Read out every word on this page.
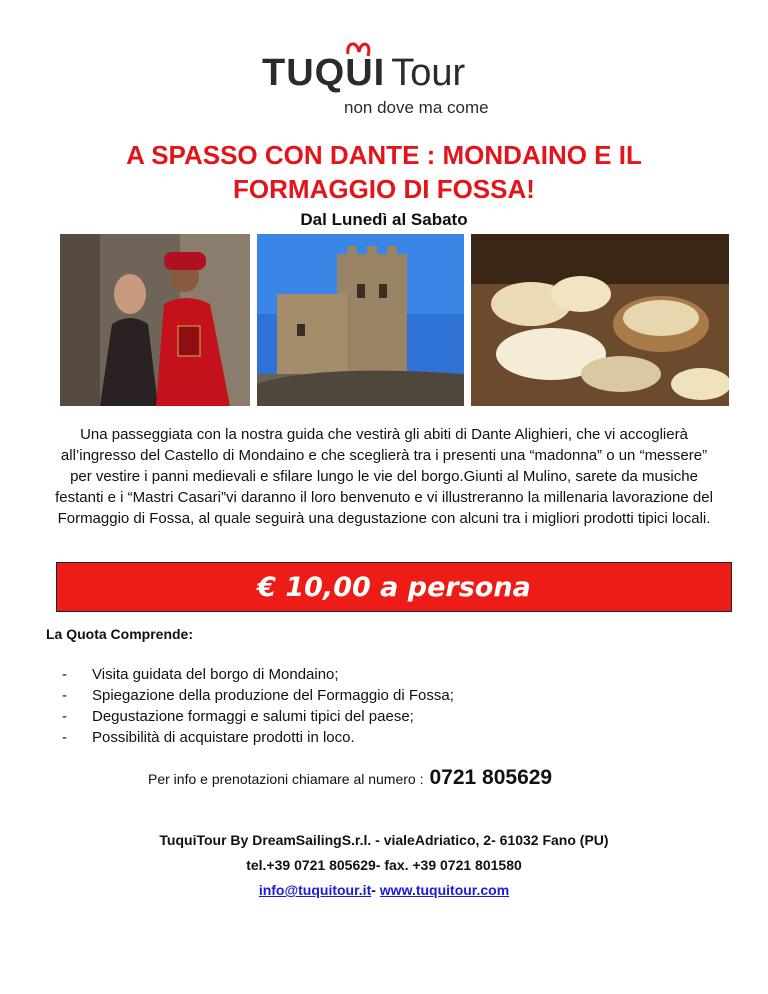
TUQUI Tour
non dove ma come
A SPASSO CON DANTE : MONDAINO E IL
FORMAGGIO DI FOSSA!
Dal Lunedì al Sabato
Una passeggiata con la nostra guida che vestirà gli abiti di Dante Alighieri, che vi accoglierà all’ingresso del Castello di Mondaino e che sceglierà tra i presenti una “madonna” o un “messere” per vestire i panni medievali e sfilare lungo le vie del borgo.Giunti al Mulino, sarete da musiche festanti e i “Mastri Casari”vi daranno il loro benvenuto e vi illustreranno la millenaria lavorazione del Formaggio di Fossa, al quale seguirà una degustazione con alcuni tra i migliori prodotti tipici locali.
€ 10,00 a persona
La Quota Comprende:
-	Visita guidata del borgo di Mondaino;
-	Spiegazione della produzione del Formaggio di Fossa;
-	Degustazione formaggi e salumi tipici del paese;
-	Possibilità di acquistare prodotti in loco.
Per info e prenotazioni chiamare al numero : 0721 805629
TuquiTour By DreamSailingS.r.l. - vialeAdriatico, 2- 61032 Fano (PU)
tel.+39 0721 805629- fax. +39 0721 801580
info@tuquitour.it- www.tuquitour.com
